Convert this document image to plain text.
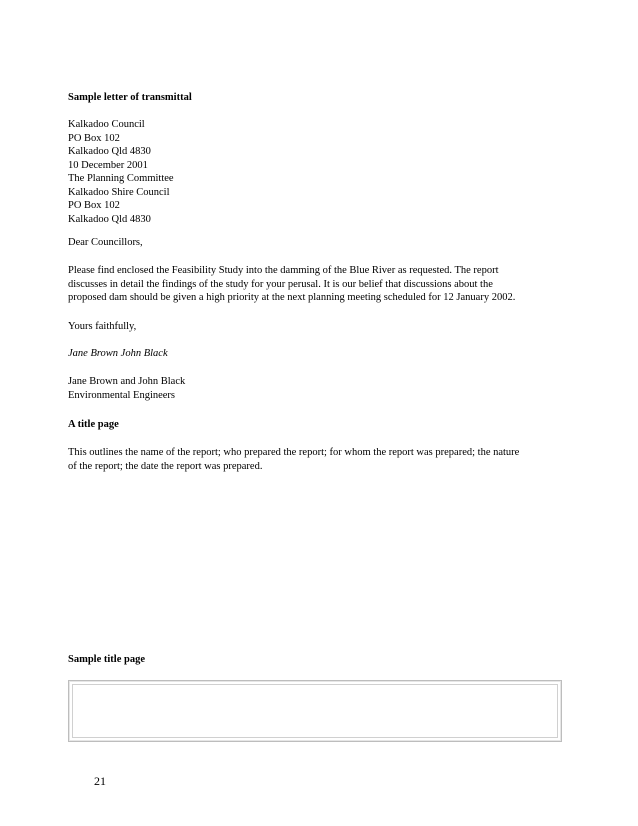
Sample letter of transmittal

Kalkadoo Council
PO Box 102
Kalkadoo Qld 4830
10 December 2001
The Planning Committee
Kalkadoo Shire Council
PO Box 102
Kalkadoo Qld 4830

Dear Councillors,

Please find enclosed the Feasibility Study into the damming of the Blue River as requested. The report
discusses in detail the findings of the study for your perusal. It is our belief that discussions about the
proposed dam should be given a high priority at the next planning meeting scheduled for 12 January 2002.

Yours faithfully,

Jane Brown John Black

Jane Brown and John Black
Environmental Engineers

A title page

This outlines the name of the report; who prepared the report; for whom the report was prepared; the nature
of the report; the date the report was prepared.

Sample title page

21
